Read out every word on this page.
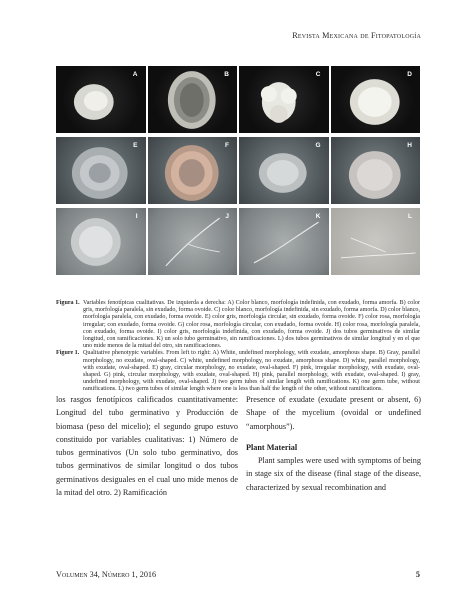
Revista Mexicana de Fitopatología
A	B	C	D
E	F	G	H
I	J	K	L
Figura 1. Variables fenotípicas cualitativas. De izquierda a derecha: A) Color blanco, morfología indefinida, con exudado, forma amorfa. B) color gris, morfología paralela, sin exudado, forma ovoide. C) color blanco, morfología indefinida, sin exudado, forma amorfa. D) color blanco, morfología paralela, con exudado, forma ovoide. E) color gris, morfología circular, sin exudado, forma ovoide. F) color rosa, morfología irregular; con exudado, forma ovoide. G) color rosa, morfología circular, con exudado, forma ovoide. H) color rosa, morfología paralela, con exudado, forma ovoide. I) color gris, morfología indefinida, con exudado, forma ovoide. J) dos tubos germinativos de similar longitud, con ramificaciones. K) un solo tubo germinativo, sin ramificaciones. L) dos tubos germinativos de similar longitud y en el que uno mide menos de la mitad del otro, sin ramificaciones.
Figure 1. Qualitative phenotypic variables. From left to right: A) White, undefined morphology, with exudate, amorphous shape. B) Gray, parallel morphology, no exudate, oval-shaped. C) white, undefined morphology, no exudate, amorphous shape. D) white, parallel morphology, with exudate, oval-shaped. E) gray, circular morphology, no exudate, oval-shaped. F) pink, irregular morphology, with exudate, oval-shaped. G) pink, circular morphology, with exudate, oval-shaped. H) pink, parallel morphology, with exudate, oval-shaped. I) gray, undefined morphology, with exudate, oval-shaped. J) two germ tubes of similar length with ramifications. K) one germ tube, without ramifications. L) two germ tubes of similar length where one is less than half the length of the other, without ramifications.

los rasgos fenotípicos calificados cuantitativamente: Longitud del tubo germinativo y Producción de biomasa (peso del micelio); el segundo grupo estuvo constituido por variables cualitativas: 1) Número de tubos germinativos (Un solo tubo germinativo, dos tubos germinativos de similar longitud o dos tubos germinativos desiguales en el cual uno mide menos de la mitad del otro. 2) Ramificación

Presence of exudate (exudate present or absent, 6) Shape of the mycelium (ovoidal or undefined “amorphous”).

Plant Material

Plant samples were used with symptoms of being in stage six of the disease (final stage of the disease, characterized by sexual recombination and

Volumen 34, Número 1, 2016	5
